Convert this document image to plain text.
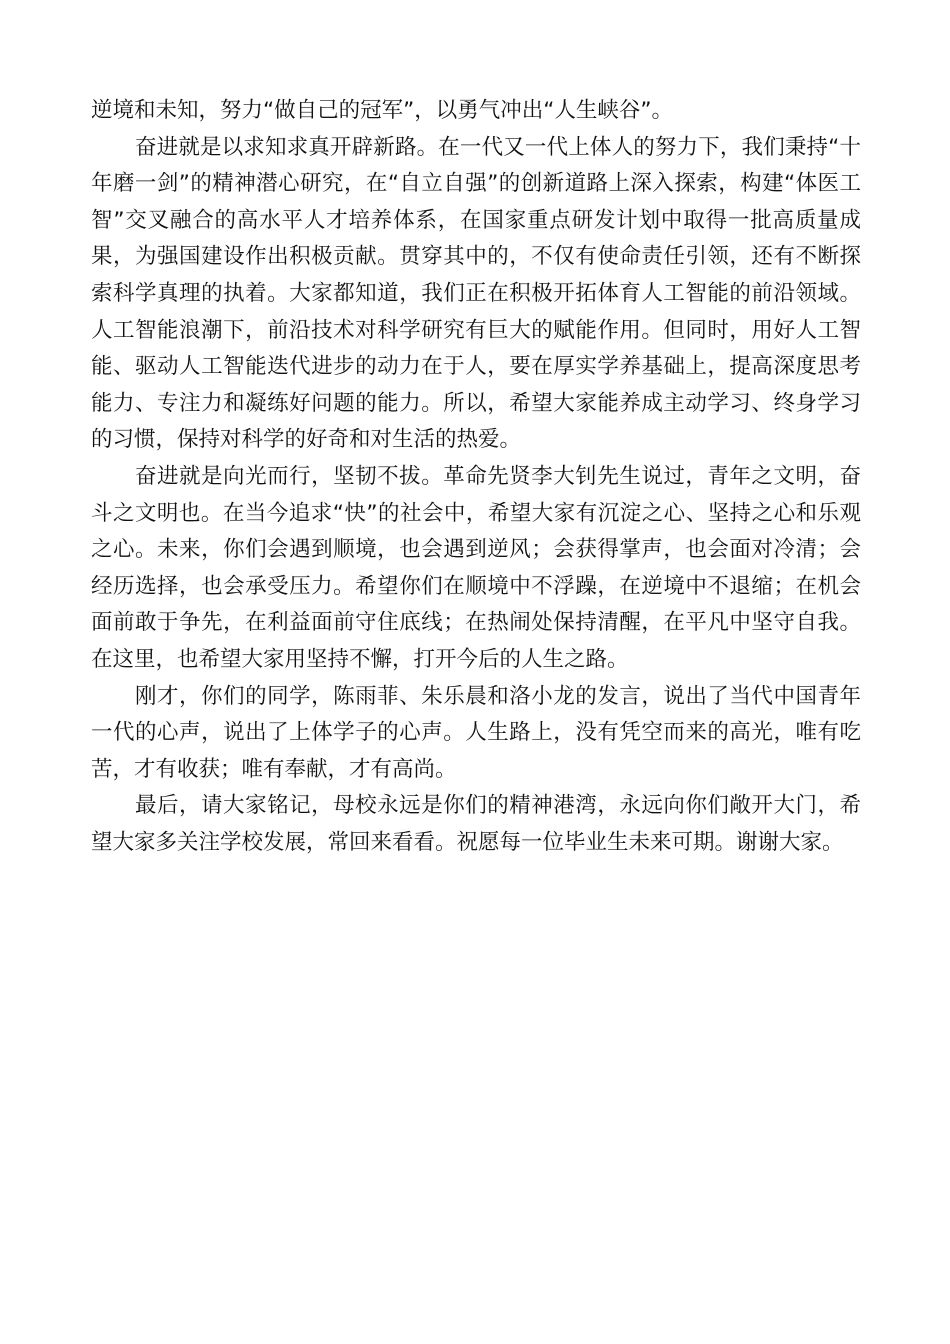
逆境和未知，努力“做自己的冠军”，以勇气冲出“人生峡谷”。

奋进就是以求知求真开辟新路。在一代又一代上体人的努力下，我们秉持“十年磨一剑”的精神潜心研究，在“自立自强”的创新道路上深入探索，构建“体医工智”交叉融合的高水平人才培养体系，在国家重点研发计划中取得一批高质量成果，为强国建设作出积极贡献。贯穿其中的，不仅有使命责任引领，还有不断探索科学真理的执着。大家都知道，我们正在积极开拓体育人工智能的前沿领域。人工智能浪潮下，前沿技术对科学研究有巨大的赋能作用。但同时，用好人工智能、驱动人工智能迭代进步的动力在于人，要在厚实学养基础上，提高深度思考能力、专注力和凝练好问题的能力。所以，希望大家能养成主动学习、终身学习的习惯，保持对科学的好奇和对生活的热爱。

奋进就是向光而行，坚韧不拔。革命先贤李大钊先生说过，青年之文明，奋斗之文明也。在当今追求“快”的社会中，希望大家有沉淀之心、坚持之心和乐观之心。未来，你们会遇到顺境，也会遇到逆风；会获得掌声，也会面对冷清；会经历选择，也会承受压力。希望你们在顺境中不浮躁，在逆境中不退缩；在机会面前敢于争先，在利益面前守住底线；在热闹处保持清醒，在平凡中坚守自我。在这里，也希望大家用坚持不懈，打开今后的人生之路。

刚才，你们的同学，陈雨菲、朱乐晨和洛小龙的发言，说出了当代中国青年一代的心声，说出了上体学子的心声。人生路上，没有凭空而来的高光，唯有吃苦，才有收获；唯有奉献，才有高尚。

最后，请大家铭记，母校永远是你们的精神港湾，永远向你们敞开大门，希望大家多关注学校发展，常回来看看。祝愿每一位毕业生未来可期。谢谢大家。
